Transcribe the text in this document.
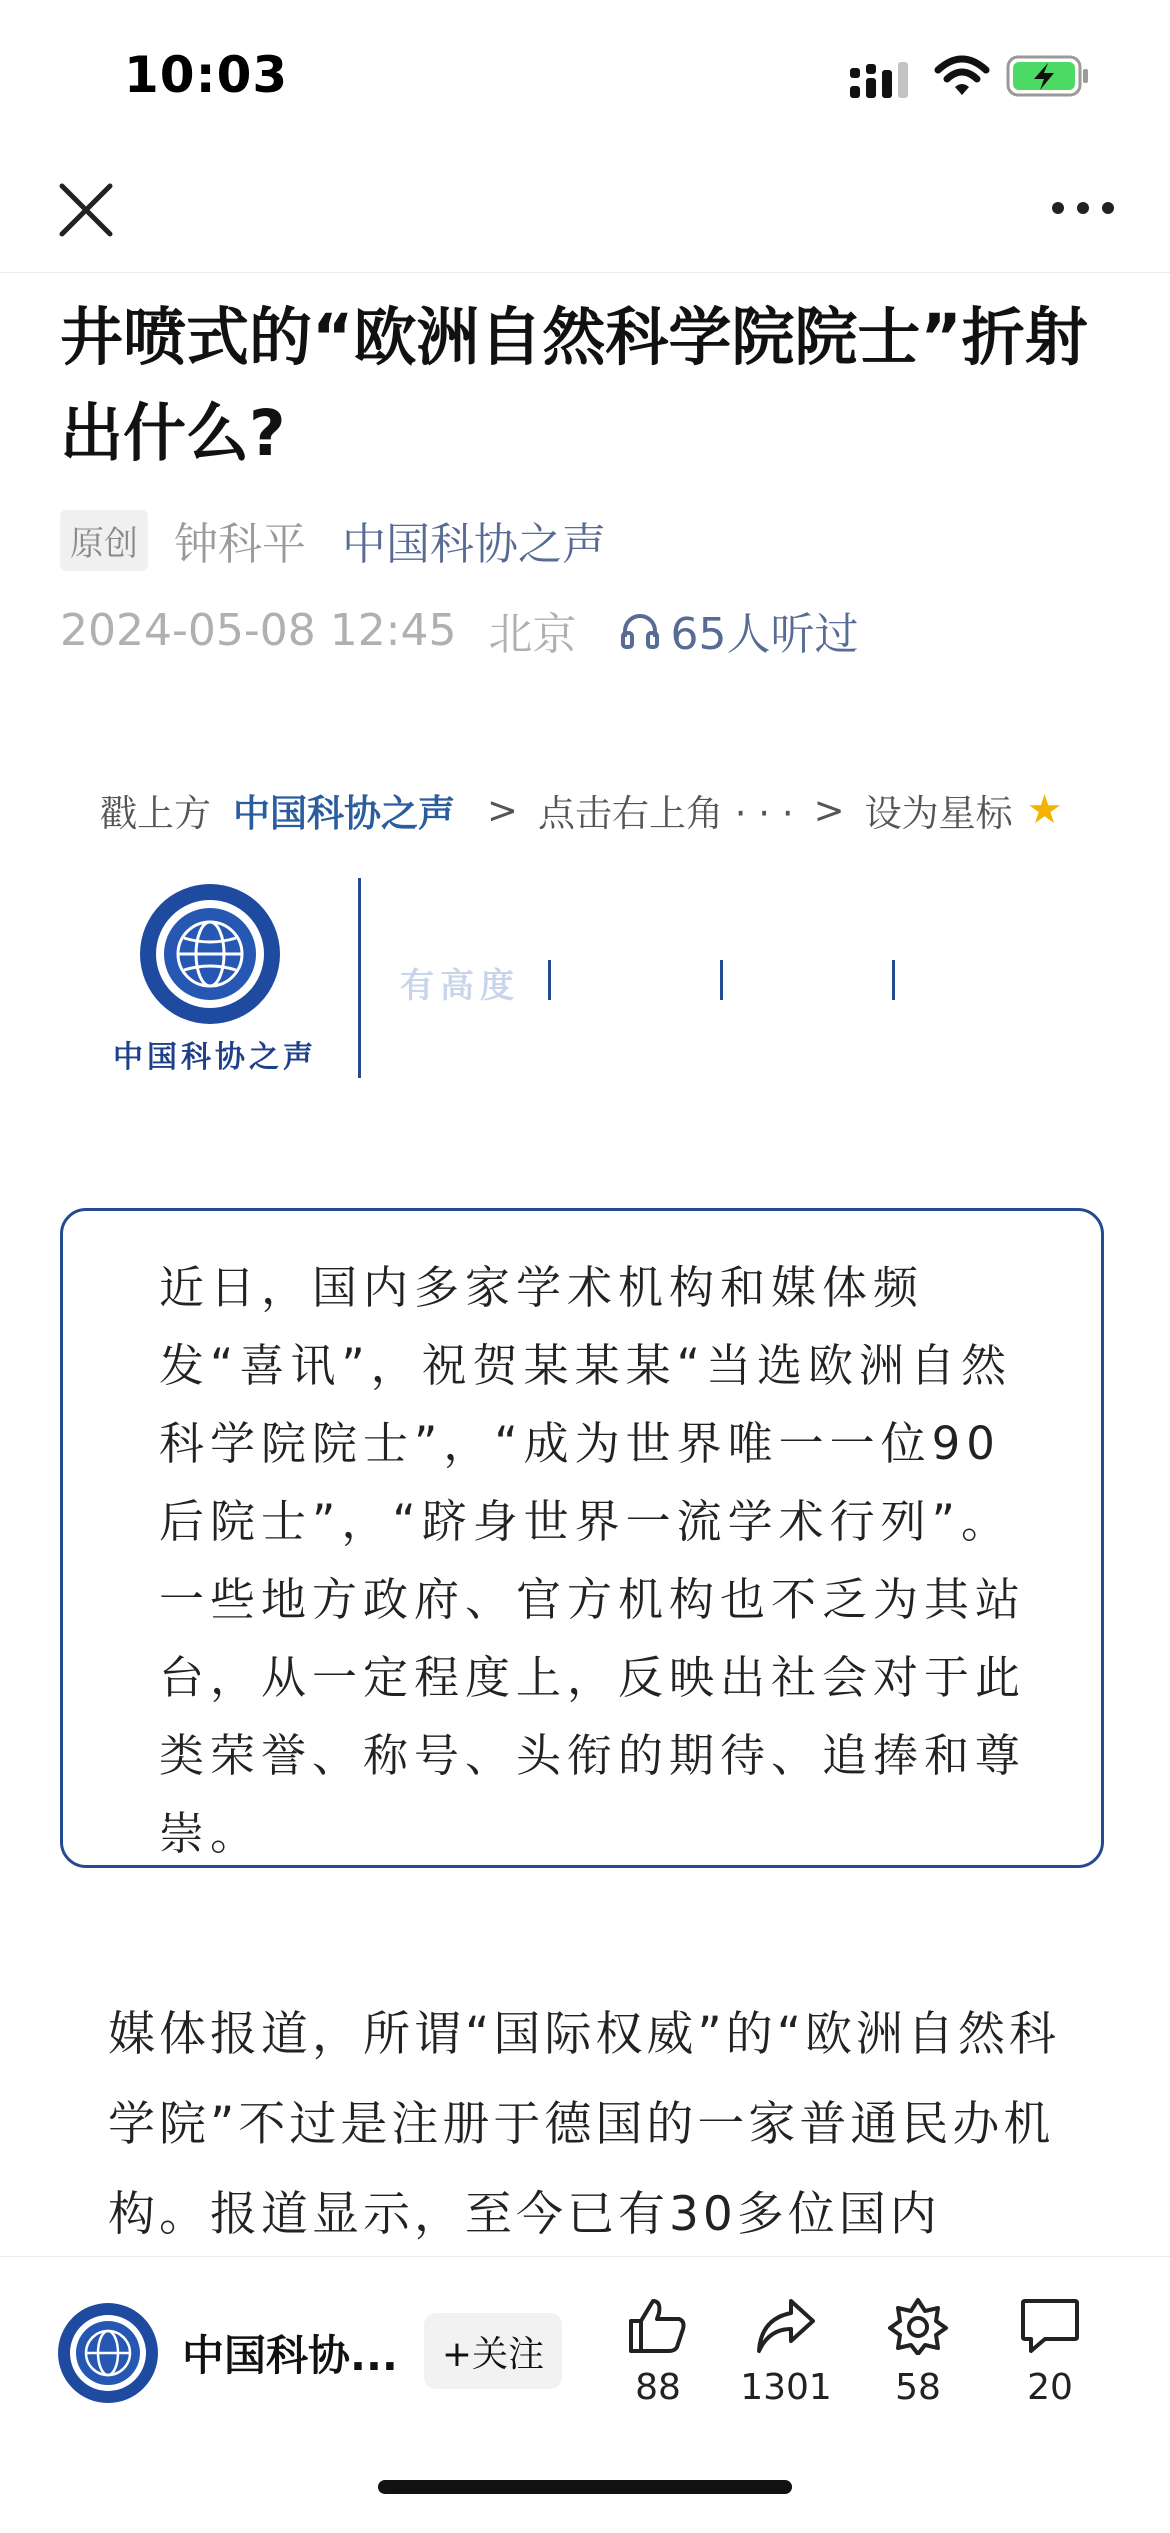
10:03
井喷式的“欧洲自然科学院院士”折射出什么?
原创 钟科平 中国科协之声
2024-05-08 12:45 北京 65人听过
戳上方 中国科协之声 > 点击右上角 · · · > 设为星标 ★
中国科协之声
有高度
近日，国内多家学术机构和媒体频发“喜讯”，祝贺某某某“当选欧洲自然科学院院士”，“成为世界唯一一位90后院士”，“跻身世界一流学术行列”。一些地方政府、官方机构也不乏为其站台，从一定程度上，反映出社会对于此类荣誉、称号、头衔的期待、追捧和尊崇。
媒体报道，所谓“国际权威”的“欧洲自然科学院”不过是注册于德国的一家普通民办机构。报道显示，至今已有30多位国内
中国科协...	+关注
88	1301	58	20
